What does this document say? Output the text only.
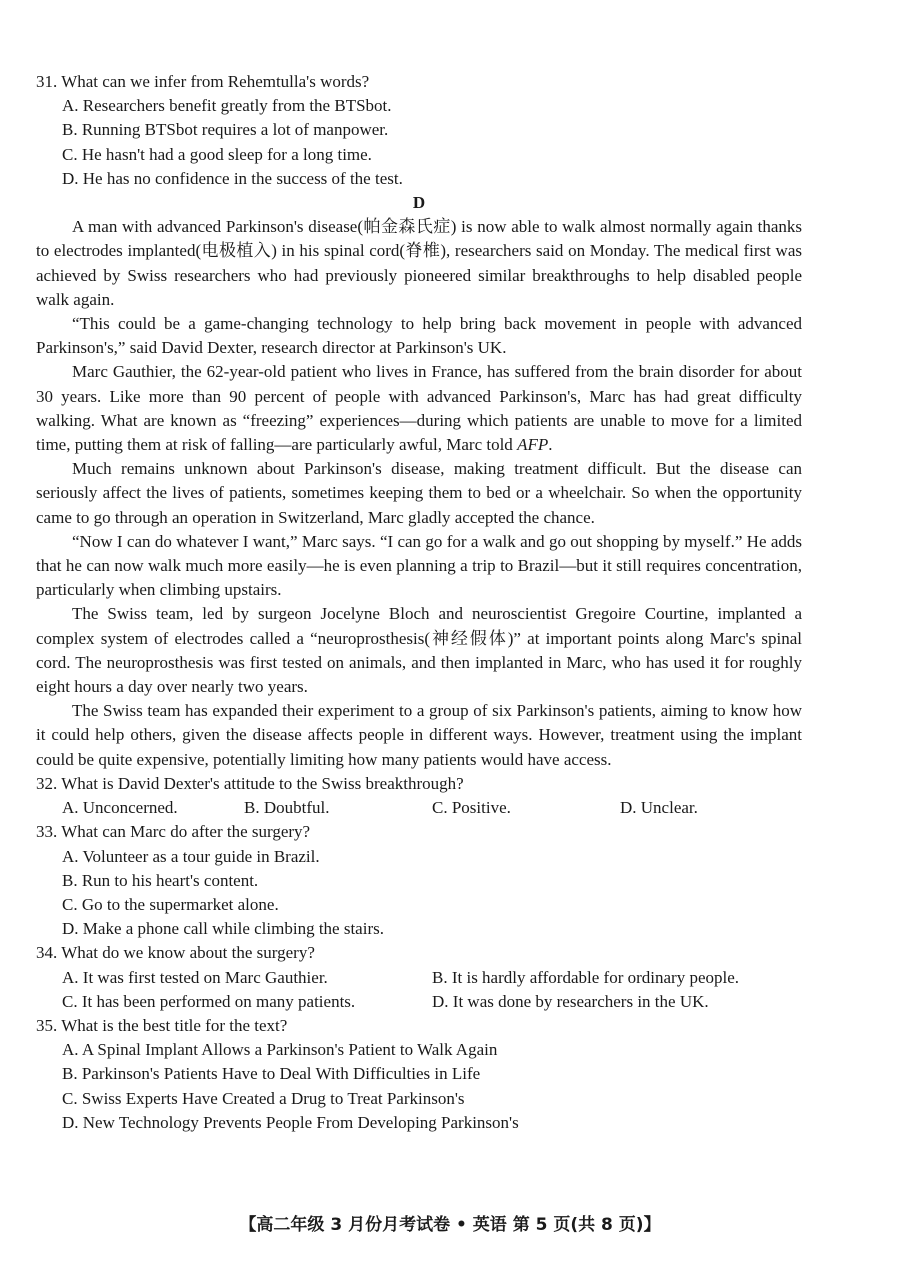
31. What can we infer from Rehemtulla's words?
A. Researchers benefit greatly from the BTSbot.
B. Running BTSbot requires a lot of manpower.
C. He hasn't had a good sleep for a long time.
D. He has no confidence in the success of the test.
D
A man with advanced Parkinson's disease(帕金森氏症) is now able to walk almost normally again thanks to electrodes implanted(电极植入) in his spinal cord(脊椎), researchers said on Monday. The medical first was achieved by Swiss researchers who had previously pioneered similar breakthroughs to help disabled people walk again.
“This could be a game-changing technology to help bring back movement in people with advanced Parkinson's,” said David Dexter, research director at Parkinson's UK.
Marc Gauthier, the 62-year-old patient who lives in France, has suffered from the brain disorder for about 30 years. Like more than 90 percent of people with advanced Parkinson's, Marc has had great difficulty walking. What are known as “freezing” experiences—during which patients are unable to move for a limited time, putting them at risk of falling—are particularly awful, Marc told AFP.
Much remains unknown about Parkinson's disease, making treatment difficult. But the disease can seriously affect the lives of patients, sometimes keeping them to bed or a wheelchair. So when the opportunity came to go through an operation in Switzerland, Marc gladly accepted the chance.
“Now I can do whatever I want,” Marc says. “I can go for a walk and go out shopping by myself.” He adds that he can now walk much more easily—he is even planning a trip to Brazil—but it still requires concentration, particularly when climbing upstairs.
The Swiss team, led by surgeon Jocelyne Bloch and neuroscientist Gregoire Courtine, implanted a complex system of electrodes called a “neuroprosthesis(神经假体)” at important points along Marc's spinal cord. The neuroprosthesis was first tested on animals, and then implanted in Marc, who has used it for roughly eight hours a day over nearly two years.
The Swiss team has expanded their experiment to a group of six Parkinson's patients, aiming to know how it could help others, given the disease affects people in different ways. However, treatment using the implant could be quite expensive, potentially limiting how many patients would have access.
32. What is David Dexter's attitude to the Swiss breakthrough?
A. Unconcerned.	B. Doubtful.	C. Positive.	D. Unclear.
33. What can Marc do after the surgery?
A. Volunteer as a tour guide in Brazil.
B. Run to his heart's content.
C. Go to the supermarket alone.
D. Make a phone call while climbing the stairs.
34. What do we know about the surgery?
A. It was first tested on Marc Gauthier.	B. It is hardly affordable for ordinary people.
C. It has been performed on many patients.	D. It was done by researchers in the UK.
35. What is the best title for the text?
A. A Spinal Implant Allows a Parkinson's Patient to Walk Again
B. Parkinson's Patients Have to Deal With Difficulties in Life
C. Swiss Experts Have Created a Drug to Treat Parkinson's
D. New Technology Prevents People From Developing Parkinson's
【高二年级 3 月份月考试卷 • 英语 第 5 页(共 8 页)】
